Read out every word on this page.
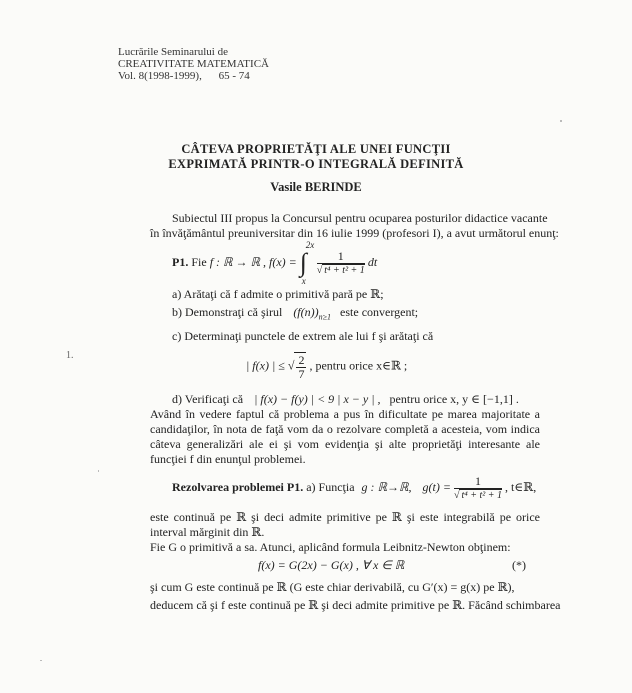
Lucrările Seminarului de
CREATIVITATE MATEMATICĂ
Vol. 8(1998-1999), 65 - 74
CÂTEVA PROPRIETĂŢI ALE UNEI FUNCŢII
EXPRIMATĂ PRINTR-O INTEGRALĂ DEFINITĂ
Vasile BERINDE
Subiectul III propus la Concursul pentru ocuparea posturilor didactice vacante
în învăţământul preuniversitar din 16 iulie 1999 (profesori I), a avut următorul enunţ:
P1. Fie f : ℝ → ℝ , f(x) = ∫
2x
x

$\frac{1}{\text{√ t⁴ + t² + 1}}$ dt
a) Arătaţi că f admite o primitivă pară pe ℝ;
b) Demonstraţi că şirul $(f(n))_{n\ge 1}$ este convergent;
c) Determinaţi punctele de extrem ale lui f şi arătaţi că
| f(x) | ≤ √ $\frac{2}{7}$ , pentru orice x∈ℝ ;
d) Verificaţi că | f(x) − f(y) | < 9 | x − y | , pentru orice x, y ∈ [−1,1] .
Având în vedere faptul că problema a pus în dificultate pe marea majoritate a candidaţilor, în nota de faţă vom da o rezolvare completă a acesteia, vom indica câteva generalizări ale ei şi vom evidenţia şi alte proprietăţi interesante ale funcţiei f din enunţul problemei.
Rezolvarea problemei P1. a) Funcţia g : ℝ→ℝ, $g(t) = \frac{1}{\text{√ t⁴ + t² + 1}}$ , t∈ℝ,
este continuă pe ℝ şi deci admite primitive pe ℝ şi este integrabilă pe orice interval mărginit din ℝ.
Fie G o primitivă a sa. Atunci, aplicând formula Leibnitz-Newton obţinem:
f(x) = G(2x) − G(x) , ∀ x ∈ ℝ	(*)
şi cum G este continuă pe ℝ (G este chiar derivabilă, cu G′(x) = g(x) pe ℝ),
deducem că şi f este continuă pe ℝ şi deci admite primitive pe ℝ. Făcând schimbarea
1.
